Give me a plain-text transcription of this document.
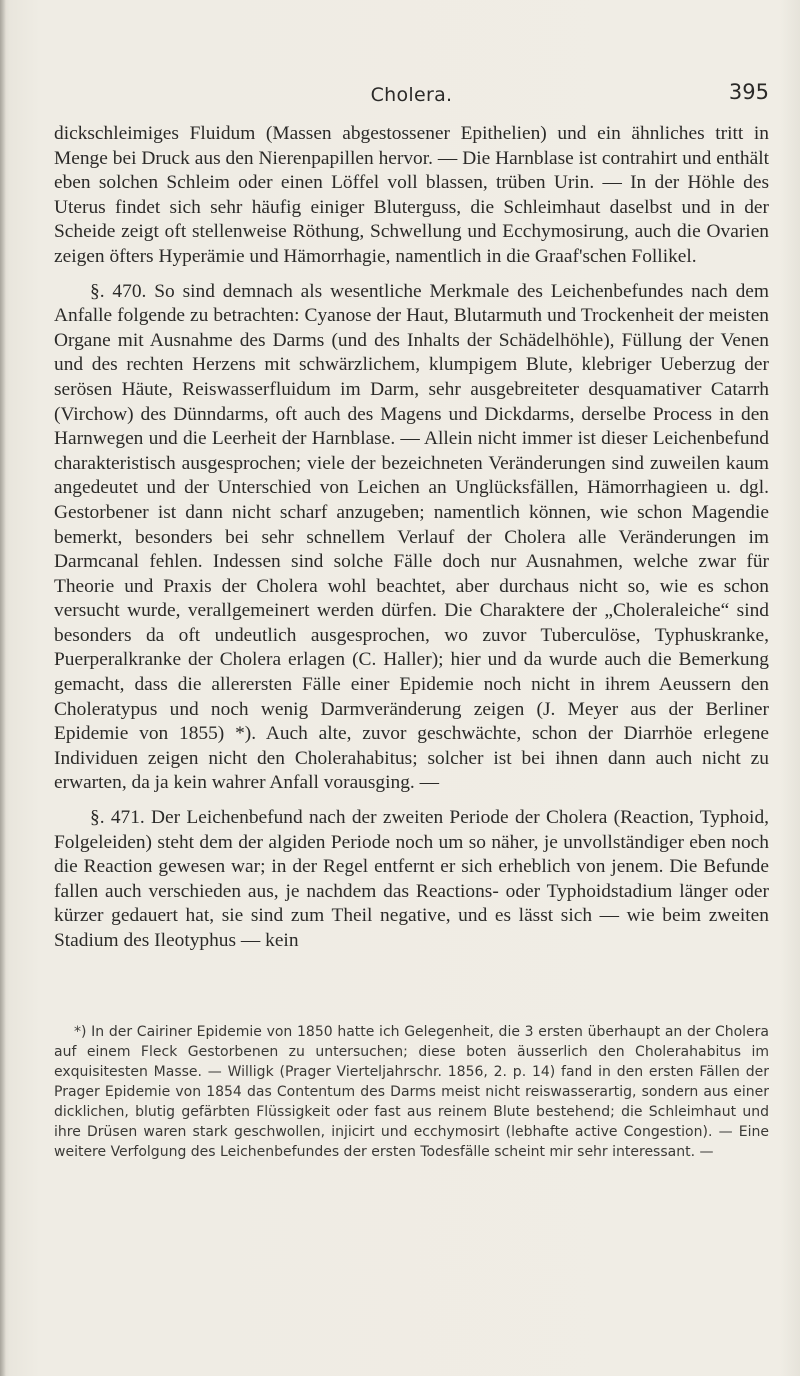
Cholera.	395

dickschleimiges Fluidum (Massen abgestossener Epithelien) und ein ähnliches tritt in Menge bei Druck aus den Nierenpapillen hervor. — Die Harnblase ist contrahirt und enthält eben solchen Schleim oder einen Löffel voll blassen, trüben Urin. — In der Höhle des Uterus findet sich sehr häufig einiger Bluterguss, die Schleimhaut daselbst und in der Scheide zeigt oft stellenweise Röthung, Schwellung und Ecchymosirung, auch die Ovarien zeigen öfters Hyperämie und Hämorrhagie, namentlich in die Graaf'schen Follikel.

§. 470. So sind demnach als wesentliche Merkmale des Leichenbefundes nach dem Anfalle folgende zu betrachten: Cyanose der Haut, Blutarmuth und Trockenheit der meisten Organe mit Ausnahme des Darms (und des Inhalts der Schädelhöhle), Füllung der Venen und des rechten Herzens mit schwärzlichem, klumpigem Blute, klebriger Ueberzug der serösen Häute, Reiswasserfluidum im Darm, sehr ausgebreiteter desquamativer Catarrh (Virchow) des Dünndarms, oft auch des Magens und Dickdarms, derselbe Process in den Harnwegen und die Leerheit der Harnblase. — Allein nicht immer ist dieser Leichenbefund charakteristisch ausgesprochen; viele der bezeichneten Veränderungen sind zuweilen kaum angedeutet und der Unterschied von Leichen an Unglücksfällen, Hämorrhagieen u. dgl. Gestorbener ist dann nicht scharf anzugeben; namentlich können, wie schon Magendie bemerkt, besonders bei sehr schnellem Verlauf der Cholera alle Veränderungen im Darmcanal fehlen. Indessen sind solche Fälle doch nur Ausnahmen, welche zwar für Theorie und Praxis der Cholera wohl beachtet, aber durchaus nicht so, wie es schon versucht wurde, verallgemeinert werden dürfen. Die Charaktere der „Choleraleiche“ sind besonders da oft undeutlich ausgesprochen, wo zuvor Tuberculöse, Typhuskranke, Puerperalkranke der Cholera erlagen (C. Haller); hier und da wurde auch die Bemerkung gemacht, dass die allerersten Fälle einer Epidemie noch nicht in ihrem Aeussern den Choleratypus und noch wenig Darmveränderung zeigen (J. Meyer aus der Berliner Epidemie von 1855) *). Auch alte, zuvor geschwächte, schon der Diarrhöe erlegene Individuen zeigen nicht den Cholerahabitus; solcher ist bei ihnen dann auch nicht zu erwarten, da ja kein wahrer Anfall vorausging. —

§. 471. Der Leichenbefund nach der zweiten Periode der Cholera (Reaction, Typhoid, Folgeleiden) steht dem der algiden Periode noch um so näher, je unvollständiger eben noch die Reaction gewesen war; in der Regel entfernt er sich erheblich von jenem. Die Befunde fallen auch verschieden aus, je nachdem das Reactions- oder Typhoidstadium länger oder kürzer gedauert hat, sie sind zum Theil negative, und es lässt sich — wie beim zweiten Stadium des Ileotyphus — kein

*) In der Cairiner Epidemie von 1850 hatte ich Gelegenheit, die 3 ersten überhaupt an der Cholera auf einem Fleck Gestorbenen zu untersuchen; diese boten äusserlich den Cholerahabitus im exquisitesten Masse. — Willigk (Prager Vierteljahrschr. 1856, 2. p. 14) fand in den ersten Fällen der Prager Epidemie von 1854 das Contentum des Darms meist nicht reiswasserartig, sondern aus einer dicklichen, blutig gefärbten Flüssigkeit oder fast aus reinem Blute bestehend; die Schleimhaut und ihre Drüsen waren stark geschwollen, injicirt und ecchymosirt (lebhafte active Congestion). — Eine weitere Verfolgung des Leichenbefundes der ersten Todesfälle scheint mir sehr interessant. —
